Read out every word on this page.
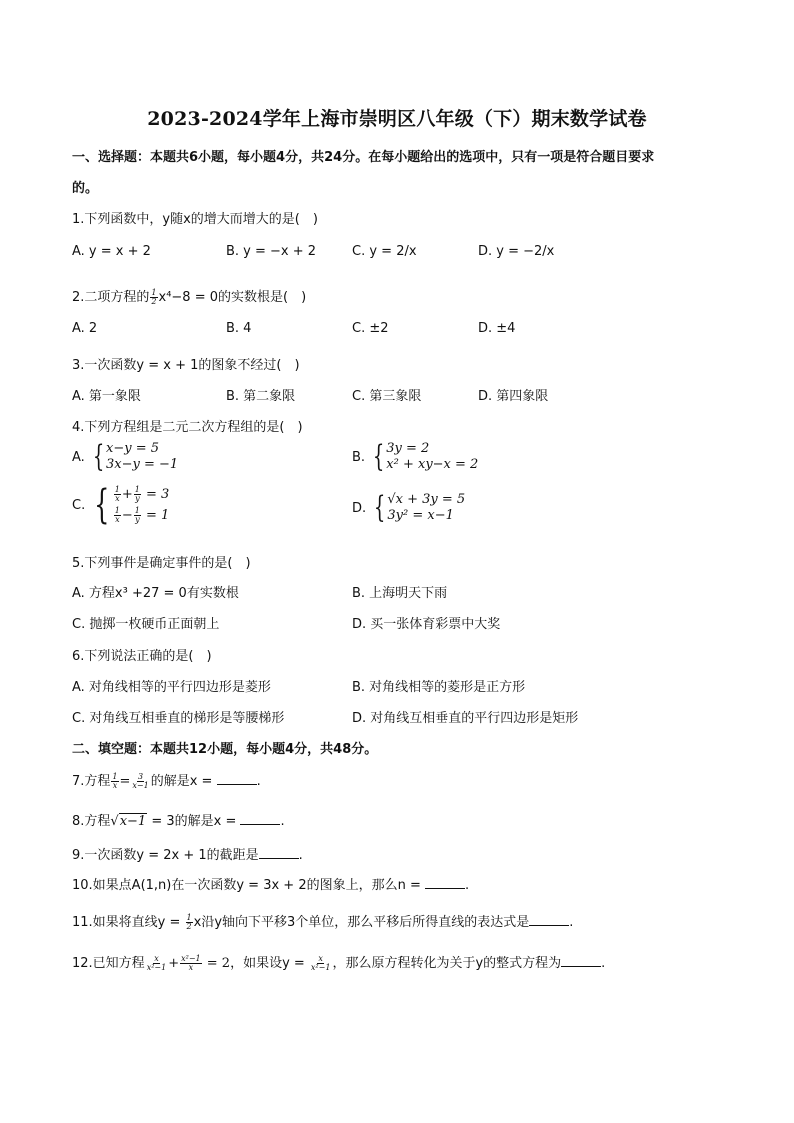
2023-2024学年上海市崇明区八年级（下）期末数学试卷
一、选择题：本题共6小题，每小题4分，共24分。在每小题给出的选项中，只有一项是符合题目要求
的。
1.下列函数中，y随x的增大而增大的是(　)
A. y = x + 2	B. y = −x + 2	C. y = 2/x	D. y = −2/x
2.二项方程的 $\frac{1}{2} x^4-8 = 0$的实数根是(　)
A. 2	B. 4	C. ±2	D. ±4
3.一次函数y = x + 1的图象不经过(　)
A. 第一象限	B. 第二象限	C. 第三象限	D. 第四象限
4.下列方程组是二元二次方程组的是(　)
A. { x−y = 5
3x−y = −1	B. { 3y = 2
x² + xy−x = 2
C. { $\frac{1}{x} + \frac{1}{y} = 3$
$\frac{1}{x} - \frac{1}{y} = 1$	D. { √x + 3y = 5
3y² = x−1
5.下列事件是确定事件的是(　)
A. 方程x³ +27 = 0有实数根	B. 上海明天下雨
C. 抛掷一枚硬币正面朝上	D. 买一张体育彩票中大奖
6.下列说法正确的是(　)
A. 对角线相等的平行四边形是菱形	B. 对角线相等的菱形是正方形
C. 对角线互相垂直的梯形是等腰梯形	D. 对角线互相垂直的平行四边形是矩形
二、填空题：本题共12小题，每小题4分，共48分。
7.方程 $\frac{1}{x} = \frac{3}{x-1}$ 的解是x =	.
8.方程√x−1 = 3的解是x =	.
9.一次函数y = 2x + 1的截距是	.
10.如果点A(1,n)在一次函数y = 3x + 2的图象上，那么n =	.
11.如果将直线$y = \frac{1}{2}$ x沿y轴向下平移3个单位，那么平移后所得直线的表达式是	.
12.已知方程 $\frac{x}{\text{x²−1}} + \frac{\text{x²−1}}{x} = 2$，如果设$y = \frac{x}{\text{x²−1}}$ ，那么原方程转化为关于y的整式方程为	.
